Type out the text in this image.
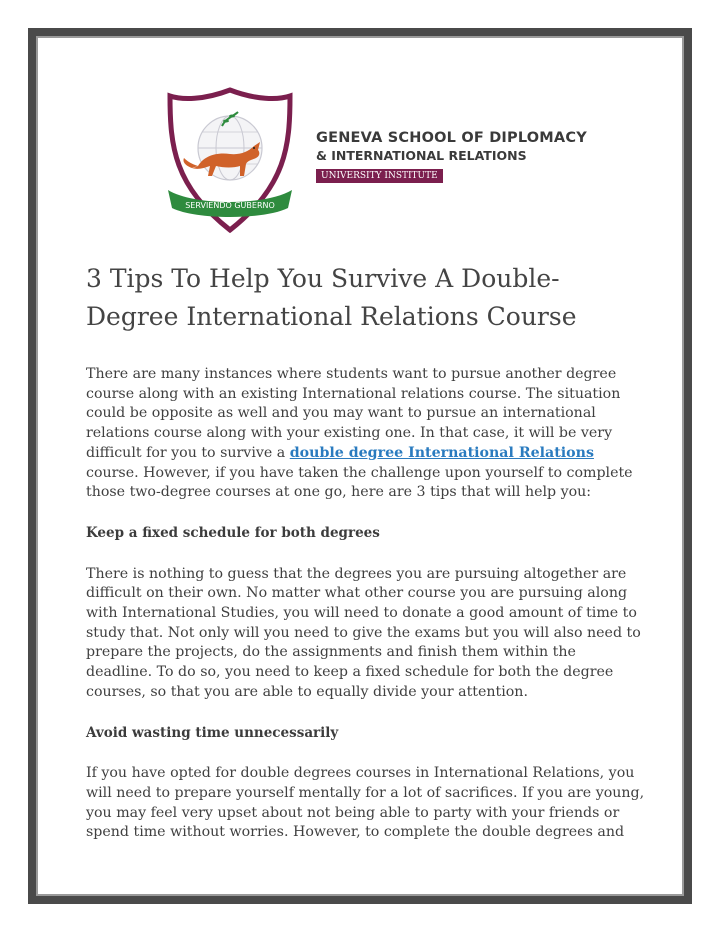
SERVIENDO GUBERNO
GENEVA SCHOOL OF DIPLOMACY
& INTERNATIONAL RELATIONS
UNIVERSITY INSTITUTE
3 Tips To Help You Survive A Double-Degree International Relations Course

There are many instances where students want to pursue another degree course along with an existing International relations course. The situation could be opposite as well and you may want to pursue an international relations course along with your existing one. In that case, it will be very difficult for you to survive a double degree International Relations course. However, if you have taken the challenge upon yourself to complete those two-degree courses at one go, here are 3 tips that will help you:

Keep a fixed schedule for both degrees

There is nothing to guess that the degrees you are pursuing altogether are difficult on their own. No matter what other course you are pursuing along with International Studies, you will need to donate a good amount of time to study that. Not only will you need to give the exams but you will also need to prepare the projects, do the assignments and finish them within the deadline. To do so, you need to keep a fixed schedule for both the degree courses, so that you are able to equally divide your attention.

Avoid wasting time unnecessarily

If you have opted for double degrees courses in International Relations, you will need to prepare yourself mentally for a lot of sacrifices. If you are young, you may feel very upset about not being able to party with your friends or spend time without worries. However, to complete the double degrees and
